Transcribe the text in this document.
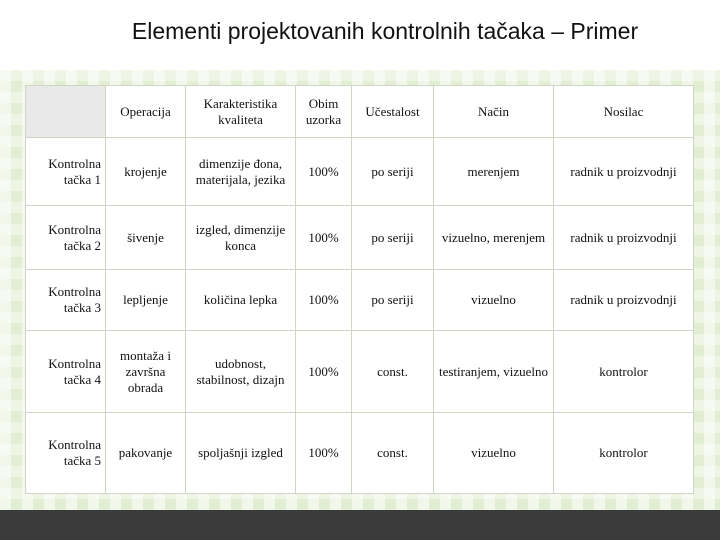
Elementi projektovanih kontrolnih tačaka – Primer
	Operacija	Karakteristika kvaliteta	Obim uzorka	Učestalost	Način	Nosilac
Kontrolna tačka 1	krojenje	dimenzije đona, materijala, jezika	100%	po seriji	merenjem	radnik u proizvodnji
Kontrolna tačka 2	šivenje	izgled, dimenzije konca	100%	po seriji	vizuelno, merenjem	radnik u proizvodnji
Kontrolna tačka 3	lepljenje	količina lepka	100%	po seriji	vizuelno	radnik u proizvodnji
Kontrolna tačka 4	montaža i završna obrada	udobnost, stabilnost, dizajn	100%	const.	testiranjem, vizuelno	kontrolor
Kontrolna tačka 5	pakovanje	spoljašnji izgled	100%	const.	vizuelno	kontrolor
